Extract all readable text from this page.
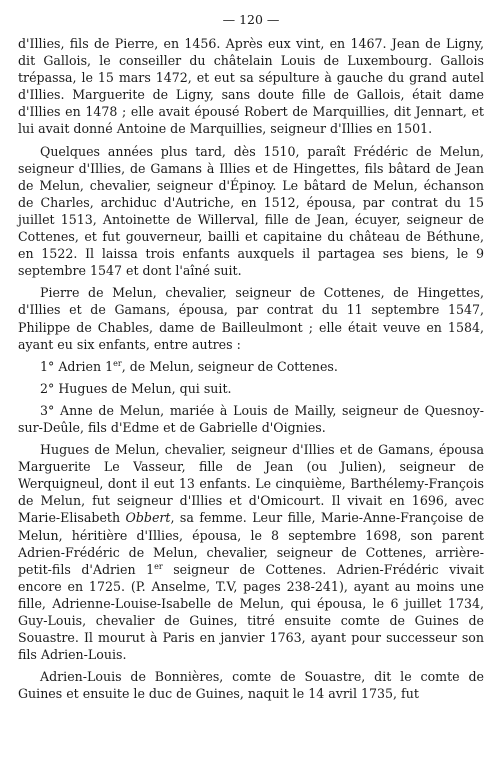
— 120 —

d'Illies, fils de Pierre, en 1456. Après eux vint, en 1467. Jean de Ligny, dit Gallois, le conseiller du châtelain Louis de Luxembourg. Gallois trépassa, le 15 mars 1472, et eut sa sépulture à gauche du grand autel d'Illies. Marguerite de Ligny, sans doute fille de Gallois, était dame d'Illies en 1478 ; elle avait épousé Robert de Marquillies, dit Jennart, et lui avait donné Antoine de Marquillies, seigneur d'Illies en 1501.

Quelques années plus tard, dès 1510, paraît Frédéric de Melun, seigneur d'Illies, de Gamans à Illies et de Hingettes, fils bâtard de Jean de Melun, chevalier, seigneur d'Épinoy. Le bâtard de Melun, échanson de Charles, archiduc d'Autriche, en 1512, épousa, par contrat du 15 juillet 1513, Antoinette de Willerval, fille de Jean, écuyer, seigneur de Cottenes, et fut gouverneur, bailli et capitaine du château de Béthune, en 1522. Il laissa trois enfants auxquels il partagea ses biens, le 9 septembre 1547 et dont l'aîné suit.

Pierre de Melun, chevalier, seigneur de Cottenes, de Hingettes, d'Illies et de Gamans, épousa, par contrat du 11 septembre 1547, Philippe de Chables, dame de Bailleulmont ; elle était veuve en 1584, ayant eu six enfants, entre autres :

1° Adrien 1er, de Melun, seigneur de Cottenes.

2° Hugues de Melun, qui suit.

3° Anne de Melun, mariée à Louis de Mailly, seigneur de Quesnoy-sur-Deûle, fils d'Edme et de Gabrielle d'Oignies.

Hugues de Melun, chevalier, seigneur d'Illies et de Gamans, épousa Marguerite Le Vasseur, fille de Jean (ou Julien), seigneur de Werquigneul, dont il eut 13 enfants. Le cinquième, Barthélemy-François de Melun, fut seigneur d'Illies et d'Omicourt. Il vivait en 1696, avec Marie-Elisabeth Obbert, sa femme. Leur fille, Marie-Anne-Françoise de Melun, héritière d'Illies, épousa, le 8 septembre 1698, son parent Adrien-Frédéric de Melun, chevalier, seigneur de Cottenes, arrière-petit-fils d'Adrien 1er seigneur de Cottenes. Adrien-Frédéric vivait encore en 1725. (P. Anselme, T.V, pages 238-241), ayant au moins une fille, Adrienne-Louise-Isabelle de Melun, qui épousa, le 6 juillet 1734, Guy-Louis, chevalier de Guines, titré ensuite comte de Guines de Souastre. Il mourut à Paris en janvier 1763, ayant pour successeur son fils Adrien-Louis.

Adrien-Louis de Bonnières, comte de Souastre, dit le comte de Guines et ensuite le duc de Guines, naquit le 14 avril 1735, fut
